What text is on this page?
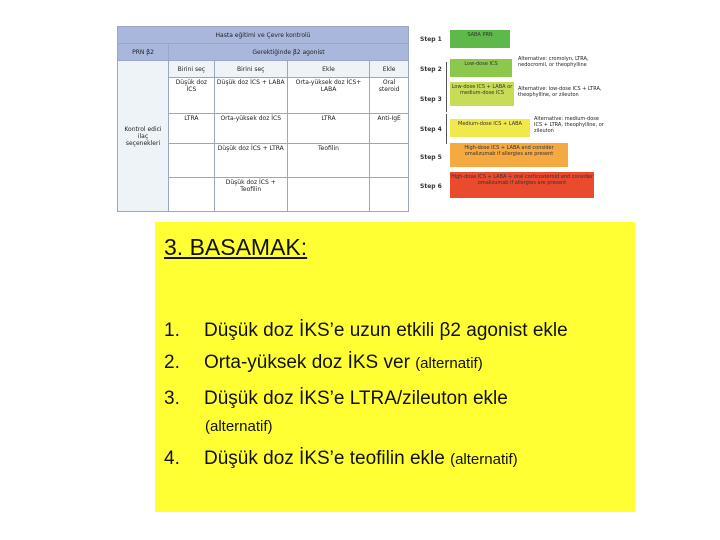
Hasta eğitimi ve Çevre kontrolü				
PRN β2	Gerektiğinde β2 agonist			
Kontrol edici ilaç seçenekleri	Birini seç	Birini seç	Ekle	Ekle
	Düşük doz İCS	Düşük doz İCS + LABA	Orta-yüksek doz İCS+ LABA	Oral steroid
	LTRA	Orta-yüksek doz İCS	LTRA	Anti-IgE
		Düşük doz İCS + LTRA	Teofilin	
		Düşük doz İCS + Teofilin		
Step 1
Step 2
Step 3
Step 4
Step 5
Step 6
SABA PRN
Low-dose ICS
Low-dose ICS + LABA or medium-dose ICS
Medium-dose ICS + LABA
High-dose ICS + LABA and consider omalizumab if allergies are present
High-dose ICS + LABA + oral corticosteroid and consider omalizumab if allergies are present
Alternative: cromolyn, LTRA, nedocromil, or theophylline
Alternative: low-dose ICS + LTRA, theophylline, or zileuton
Alternative: medium-dose ICS + LTRA, theophylline, or zileuton
3. BASAMAK:
1. Düşük doz İKS’e uzun etkili β2 agonist ekle
2. Orta-yüksek doz İKS ver (alternatif)
3. Düşük doz İKS’e LTRA/zileuton ekle
(alternatif)
4. Düşük doz İKS’e teofilin ekle (alternatif)
